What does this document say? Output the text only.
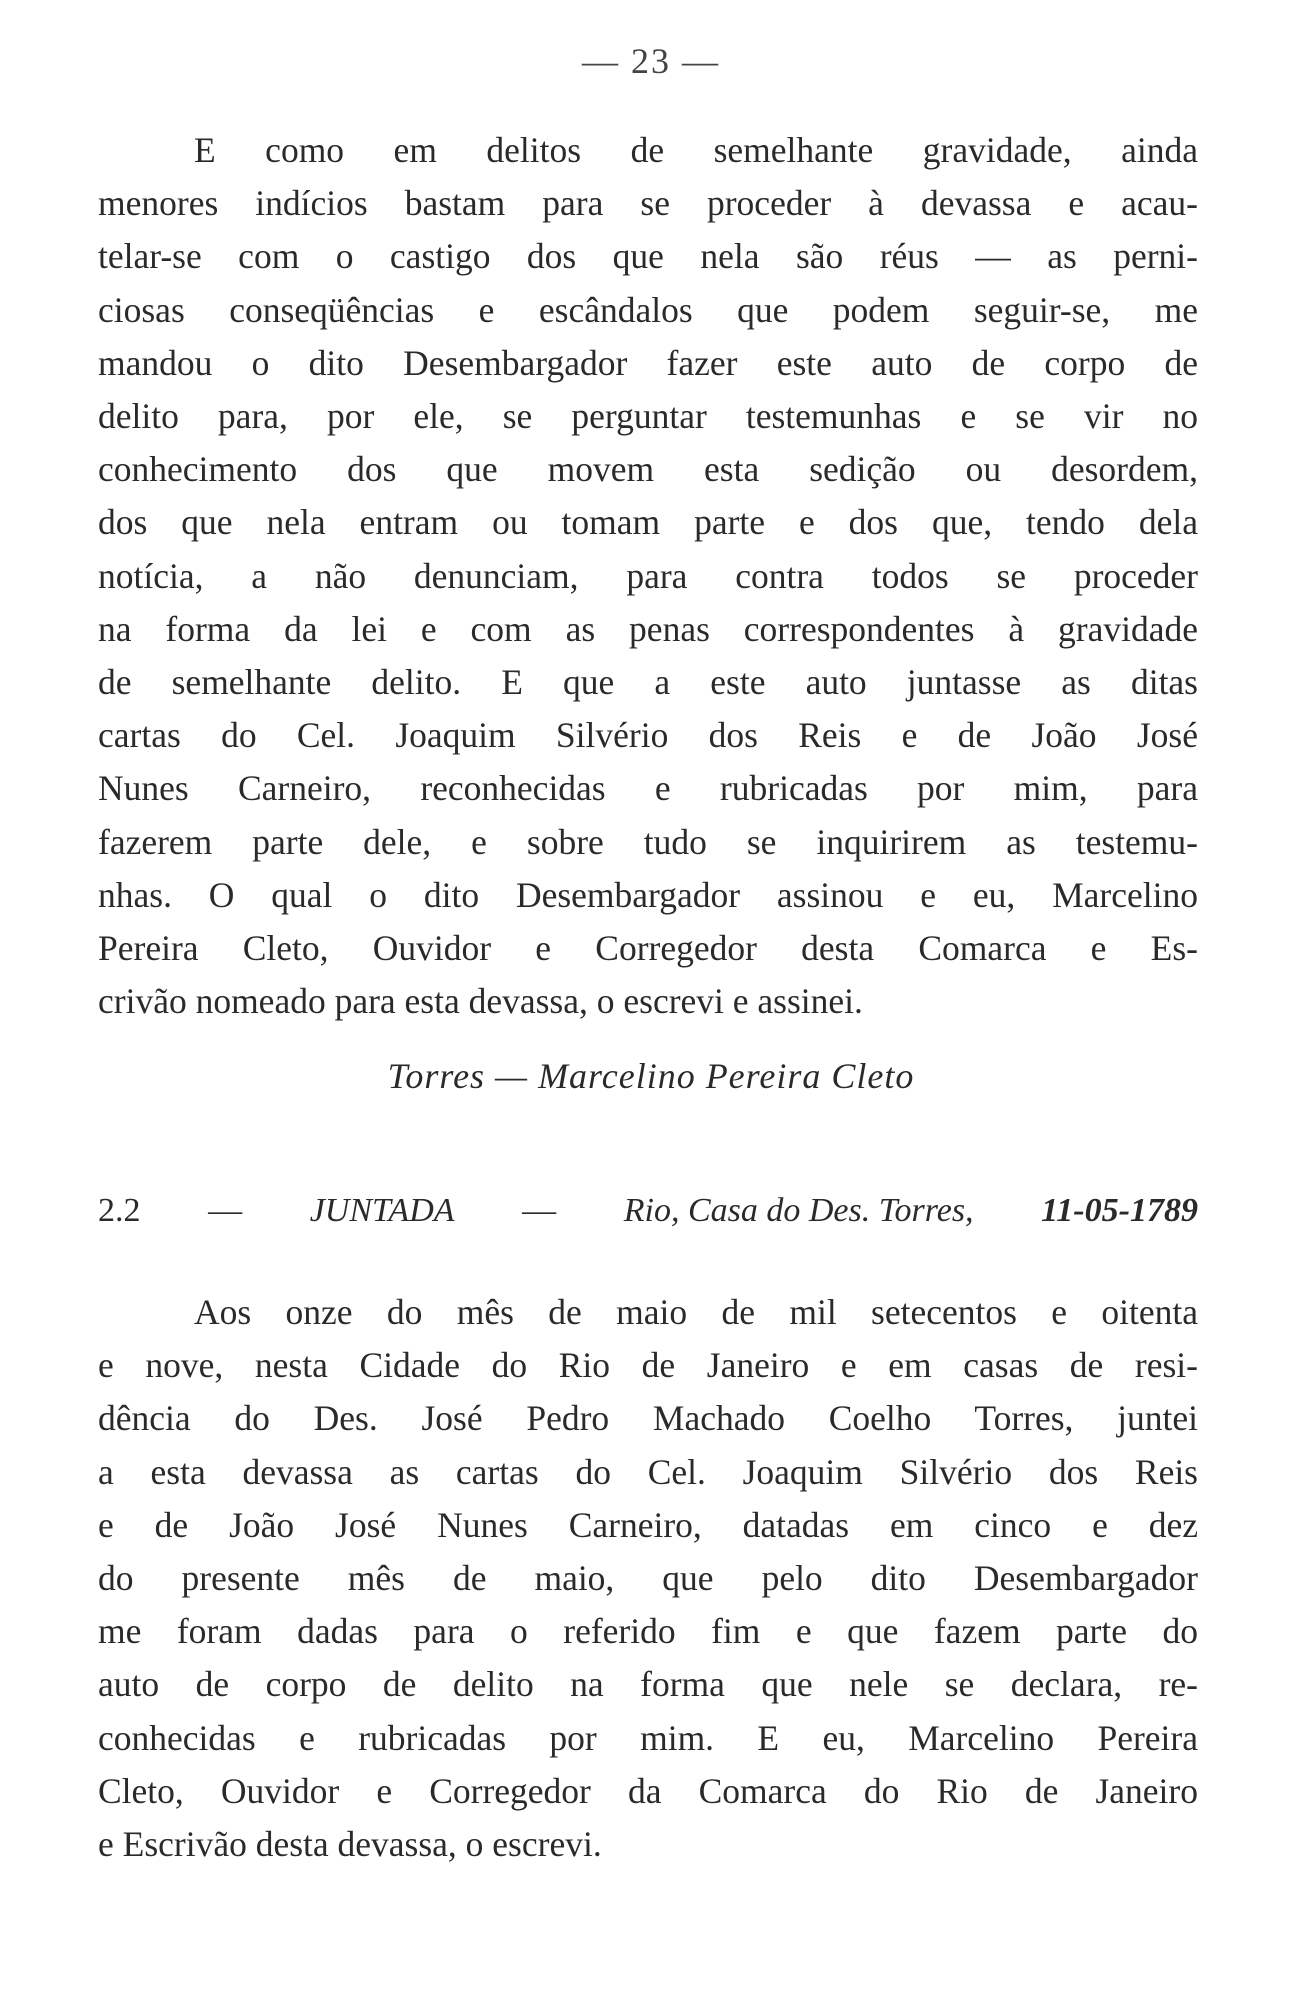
— 23 —
E como em delitos de semelhante gravidade, ainda
menores indícios bastam para se proceder à devassa e acau-
telar-se com o castigo dos que nela são réus — as perni-
ciosas conseqüências e escândalos que podem seguir-se, me
mandou o dito Desembargador fazer este auto de corpo de
delito para, por ele, se perguntar testemunhas e se vir no
conhecimento dos que movem esta sedição ou desordem,
dos que nela entram ou tomam parte e dos que, tendo dela
notícia, a não denunciam, para contra todos se proceder
na forma da lei e com as penas correspondentes à gravidade
de semelhante delito. E que a este auto juntasse as ditas
cartas do Cel. Joaquim Silvério dos Reis e de João José
Nunes Carneiro, reconhecidas e rubricadas por mim, para
fazerem parte dele, e sobre tudo se inquirirem as testemu-
nhas. O qual o dito Desembargador assinou e eu, Marcelino
Pereira Cleto, Ouvidor e Corregedor desta Comarca e Es-
crivão nomeado para esta devassa, o escrevi e assinei.
Torres — Marcelino Pereira Cleto
2.2 — JUNTADA — Rio, Casa do Des. Torres, 11-05-1789
Aos onze do mês de maio de mil setecentos e oitenta
e nove, nesta Cidade do Rio de Janeiro e em casas de resi-
dência do Des. José Pedro Machado Coelho Torres, juntei
a esta devassa as cartas do Cel. Joaquim Silvério dos Reis
e de João José Nunes Carneiro, datadas em cinco e dez
do presente mês de maio, que pelo dito Desembargador
me foram dadas para o referido fim e que fazem parte do
auto de corpo de delito na forma que nele se declara, re-
conhecidas e rubricadas por mim. E eu, Marcelino Pereira
Cleto, Ouvidor e Corregedor da Comarca do Rio de Janeiro
e Escrivão desta devassa, o escrevi.
